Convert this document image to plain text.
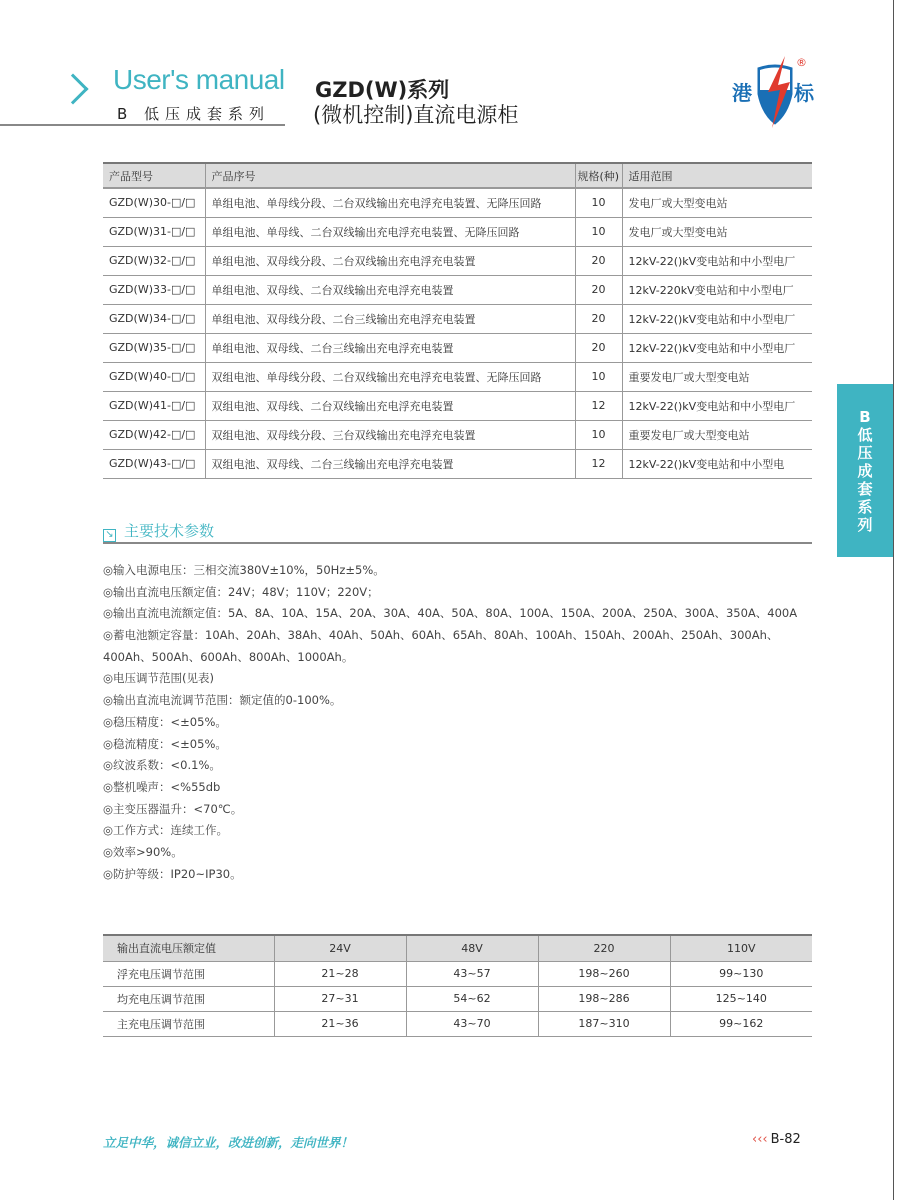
User's manual
B 低压成套系列
GZD(W)系列
(微机控制)直流电源柜
港 标
®
产品型号	产品序号	规格(种)	适用范围
GZD(W)30-□/□	单组电池、单母线分段、二台双线输出充电浮充电装置、无降压回路	10	发电厂或大型变电站
GZD(W)31-□/□	单组电池、单母线、二台双线输出充电浮充电装置、无降压回路	10	发电厂或大型变电站
GZD(W)32-□/□	单组电池、双母线分段、二台双线输出充电浮充电装置	20	12kV-22()kV变电站和中小型电厂
GZD(W)33-□/□	单组电池、双母线、二台双线输出充电浮充电装置	20	12kV-220kV变电站和中小型电厂
GZD(W)34-□/□	单组电池、双母线分段、二台三线输出充电浮充电装置	20	12kV-22()kV变电站和中小型电厂
GZD(W)35-□/□	单组电池、双母线、二台三线输出充电浮充电装置	20	12kV-22()kV变电站和中小型电厂
GZD(W)40-□/□	双组电池、单母线分段、二台双线输出充电浮充电装置、无降压回路	10	重要发电厂或大型变电站
GZD(W)41-□/□	双组电池、双母线、二台双线输出充电浮充电装置	12	12kV-22()kV变电站和中小型电厂
GZD(W)42-□/□	双组电池、双母线分段、三台双线输出充电浮充电装置	10	重要发电厂或大型变电站
GZD(W)43-□/□	双组电池、双母线、二台三线输出充电浮充电装置	12	12kV-22()kV变电站和中小型电
↘ 主要技术参数
◎输入电源电压：三相交流380V±10%，50Hz±5%。
◎输出直流电压额定值：24V；48V；110V；220V；
◎输出直流电流额定值：5A、8A、10A、15A、20A、30A、40A、50A、80A、100A、150A、200A、250A、300A、350A、400A
◎蓄电池额定容量：10Ah、20Ah、38Ah、40Ah、50Ah、60Ah、65Ah、80Ah、100Ah、150Ah、200Ah、250Ah、300Ah、
400Ah、500Ah、600Ah、800Ah、1000Ah。
◎电压调节范围(见表)
◎输出直流电流调节范围：额定值的0-100%。
◎稳压精度：<±05%。
◎稳流精度：<±05%。
◎纹波系数：<0.1%。
◎整机噪声：<%55db
◎主变压器温升：<70℃。
◎工作方式：连续工作。
◎效率>90%。
◎防护等级：IP20~IP30。
输出直流电压额定值	24V	48V	220	110V
浮充电压调节范围	21~28	43~57	198~260	99~130
均充电压调节范围	27~31	54~62	198~286	125~140
主充电压调节范围	21~36	43~70	187~310	99~162
B
低
压
成
套
系
列
立足中华，诚信立业，改进创新，走向世界！	‹‹‹ B-82
